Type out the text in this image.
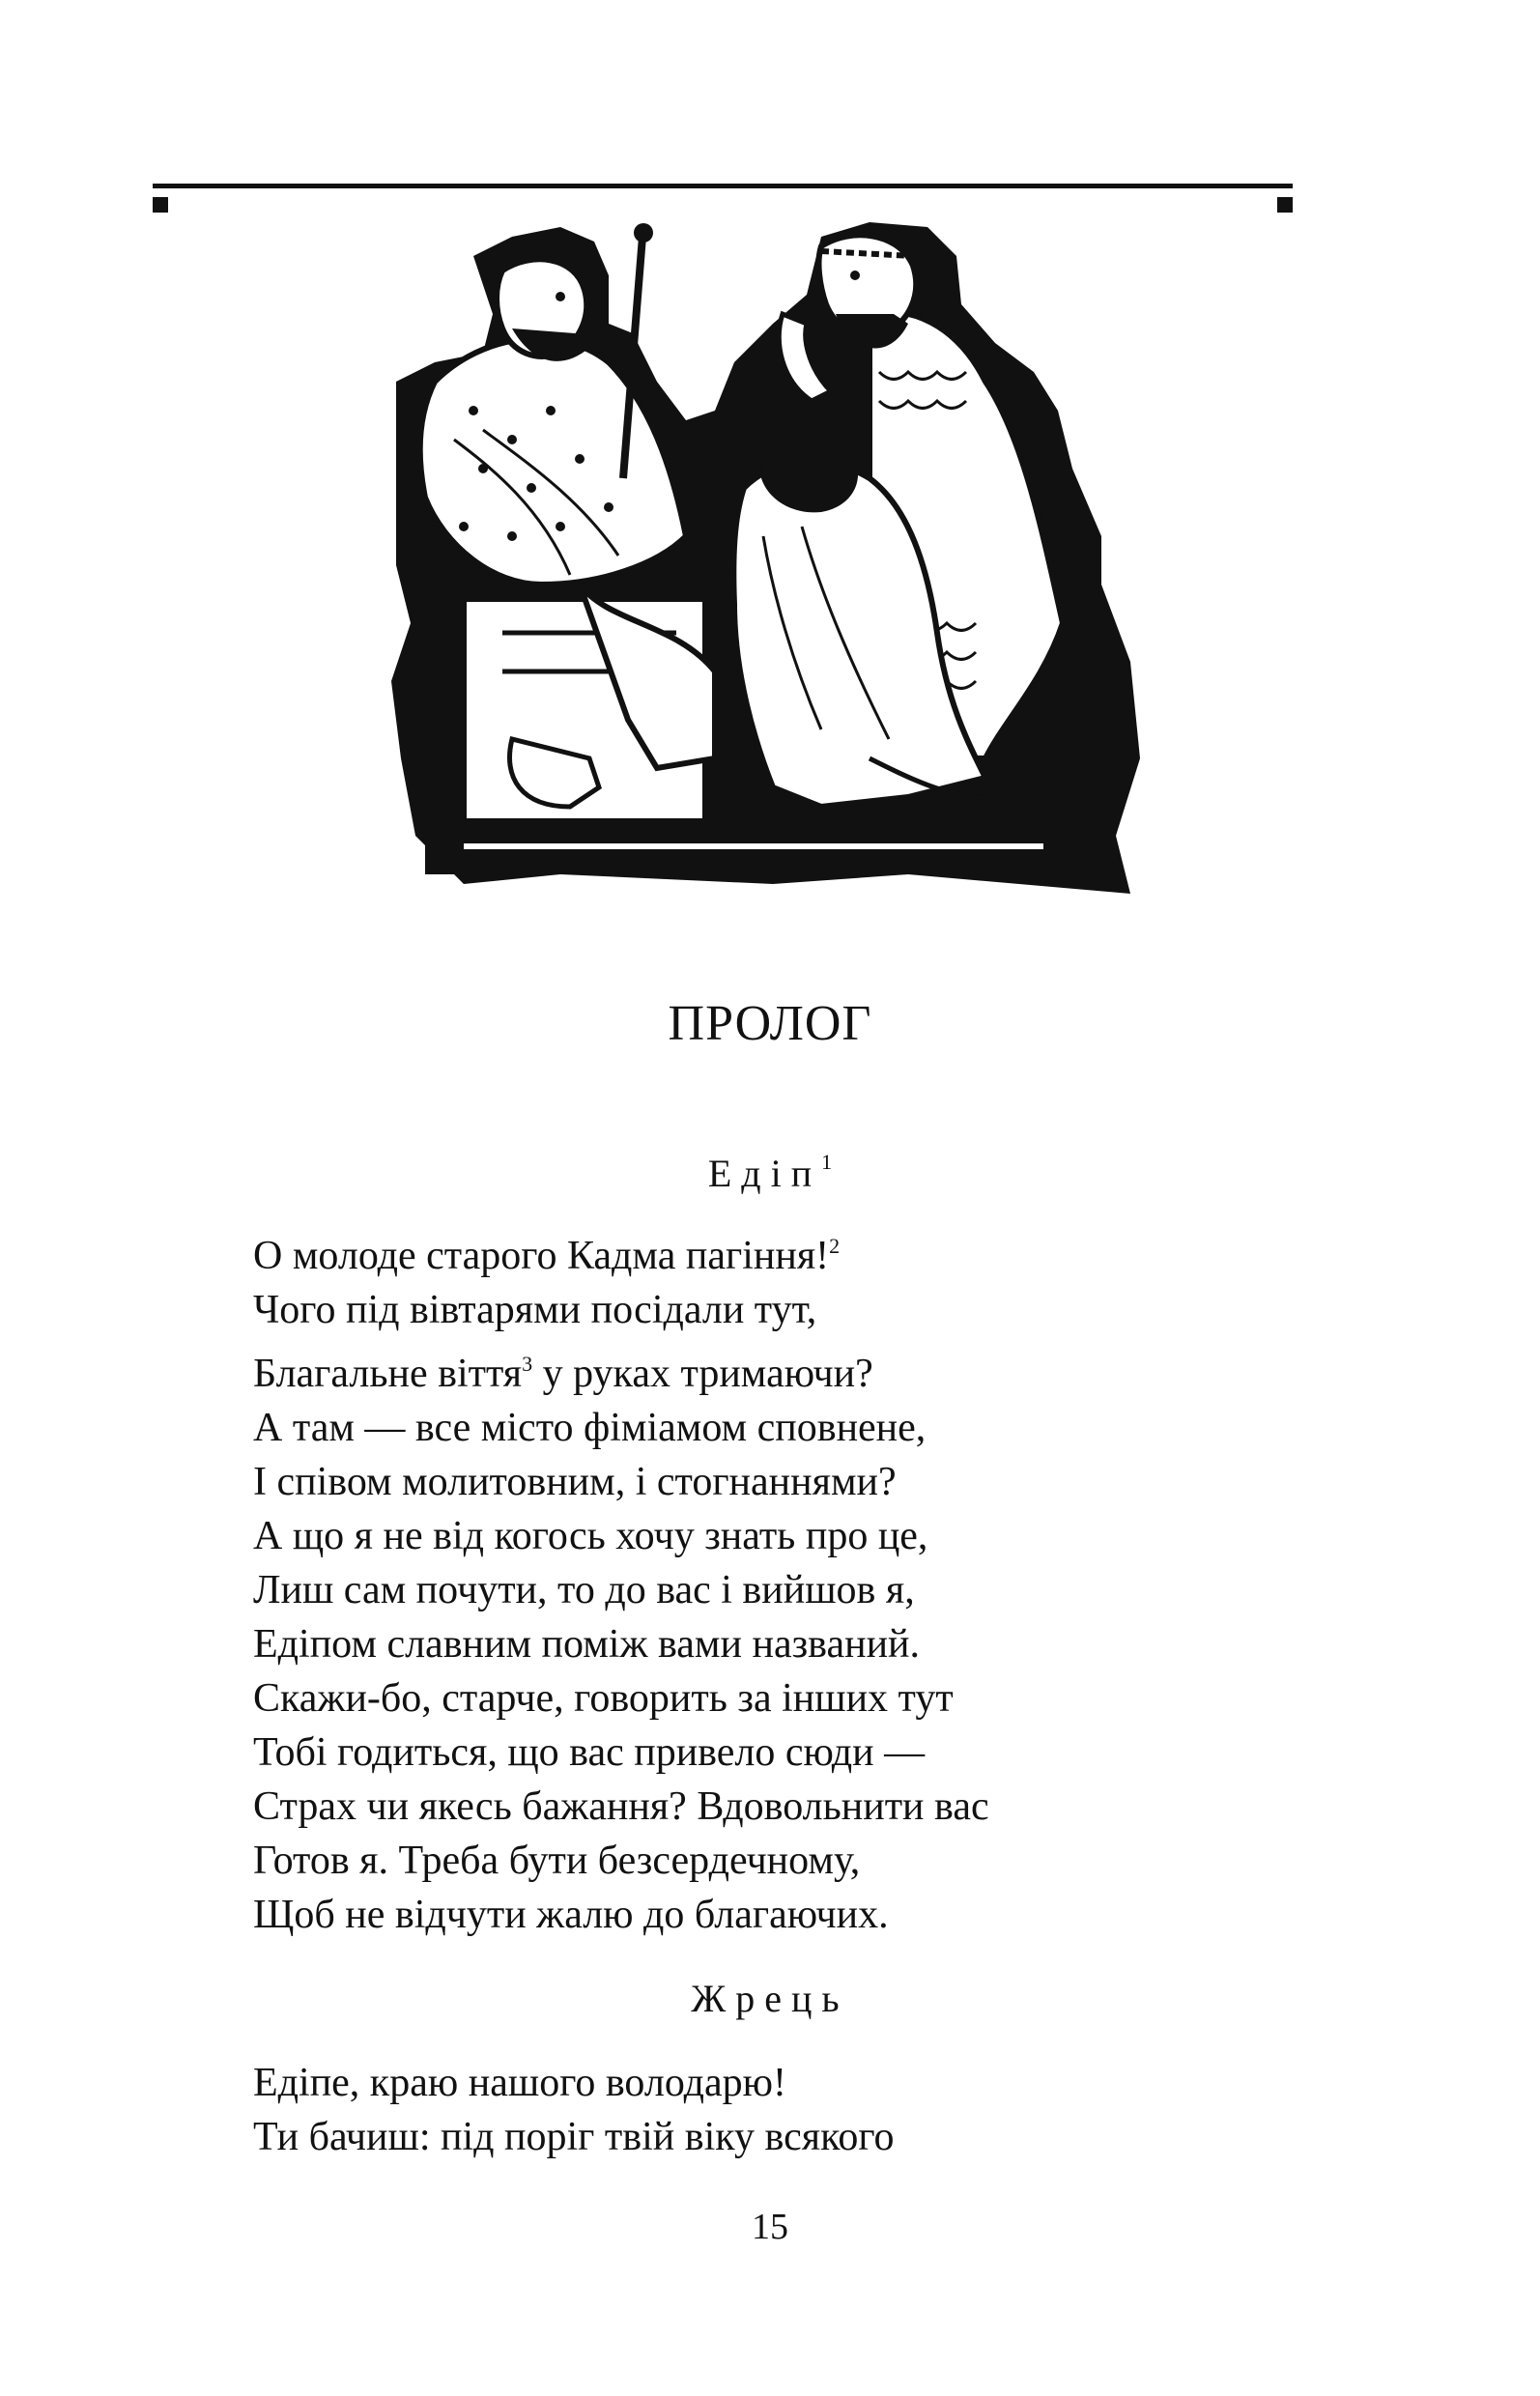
ПРОЛОГ
Едіп$^1$
О молоде старого Кадма пагіння!$^2$
Чого під вівтарями посідали тут,
Благальне віття$^3$ у руках тримаючи?
А там — все місто фіміамом сповнене,
І співом молитовним, і стогнаннями?
А що я не від когось хочу знать про це,
Лиш сам почути, то до вас і вийшов я,
Едіпом славним поміж вами названий.
Скажи-бо, старче, говорить за інших тут
Тобі годиться, що вас привело сюди —
Страх чи якесь бажання? Вдовольнити вас
Готов я. Треба бути безсердечному,
Щоб не відчути жалю до благаючих.
Жрець
Едіпе, краю нашого володарю!
Ти бачиш: під поріг твій віку всякого
15
